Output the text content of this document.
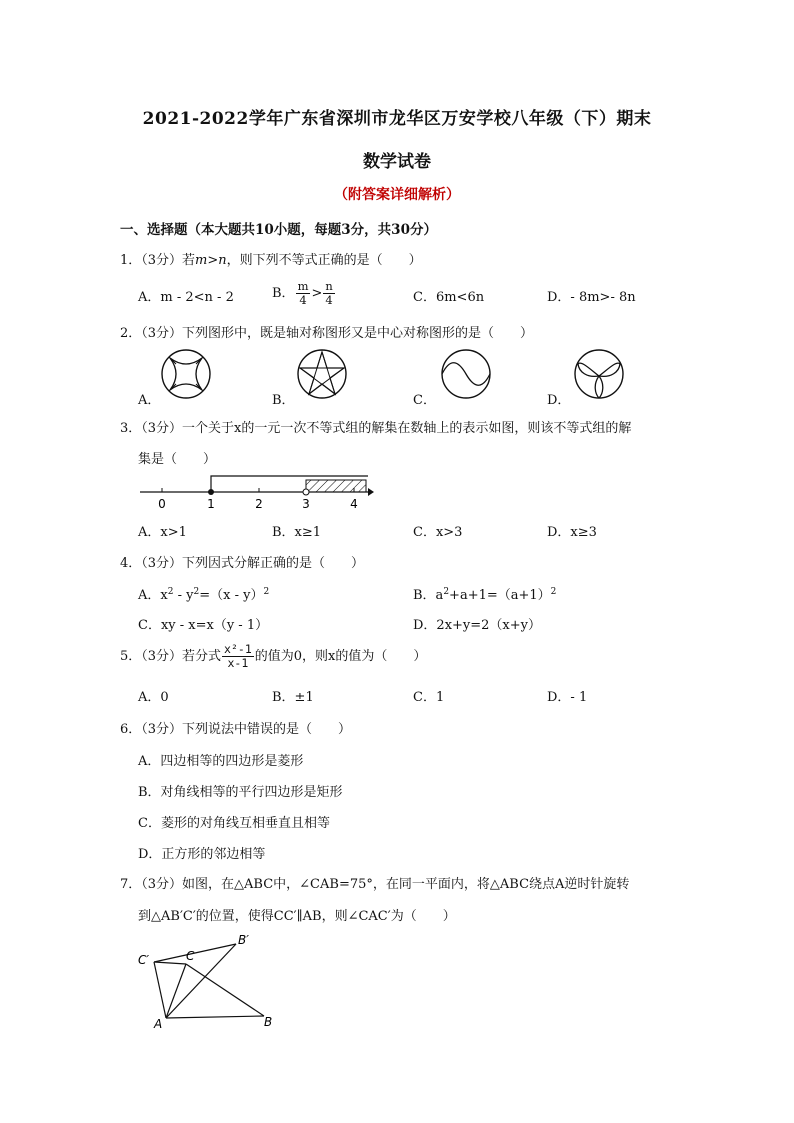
2021-2022学年广东省深圳市龙华区万安学校八年级（下）期末
数学试卷
（附答案详细解析）
一、选择题（本大题共10小题，每题3分，共30分）
1．（3分）若m>n，则下列不等式正确的是（　　）
A．m - 2<n - 2	B． $\frac{m}{4} > \frac{n}{4}$	C．6m<6n	D．- 8m>- 8n
2．（3分）下列图形中，既是轴对称图形又是中心对称图形的是（　　）
A．	B．	C．	D．
3．（3分）一个关于x的一元一次不等式组的解集在数轴上的表示如图，则该不等式组的解
集是（　　）
0	1	2	3	4
A．x>1	B．x≥1	C．x>3	D．x≥3
4．（3分）下列因式分解正确的是（　　）
A．$x^2 - y^2=(x - y)^2$	B．$a^2+a+1=(a+1)^2$
C．xy - x=x（y - 1）	D．2x+y=2（x+y）
5．（3分）若分式 $\frac{\text{x²-1}}{x-1}$ 的值为0，则x的值为（　　）
A．0	B．±1	C．1	D．- 1
6．（3分）下列说法中错误的是（　　）
A．四边相等的四边形是菱形
B．对角线相等的平行四边形是矩形
C．菱形的对角线互相垂直且相等
D．正方形的邻边相等
7．（3分）如图，在△ABC中，∠CAB=75°，在同一平面内，将△ABC绕点A逆时针旋转
到△AB′C′的位置，使得CC′∥AB，则∠CAC′为（　　）
C′	C
B′
A	B
